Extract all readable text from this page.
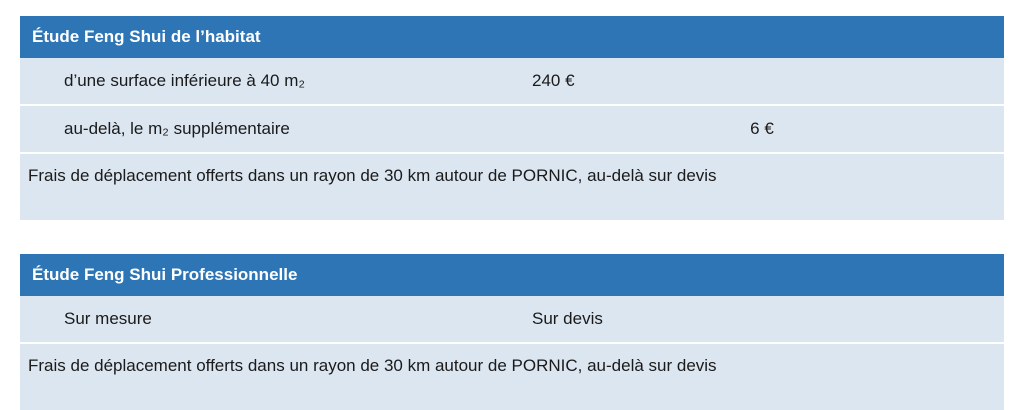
Étude Feng Shui de l’habitat	
d’une surface inférieure à 40 m₂	240 €
au-delà, le m₂ supplémentaire	6 €
Frais de déplacement offerts dans un rayon de 30 km autour de PORNIC, au-delà sur devis	

Étude Feng Shui Professionnelle	
Sur mesure	Sur devis
Frais de déplacement offerts dans un rayon de 30 km autour de PORNIC, au-delà sur devis	
